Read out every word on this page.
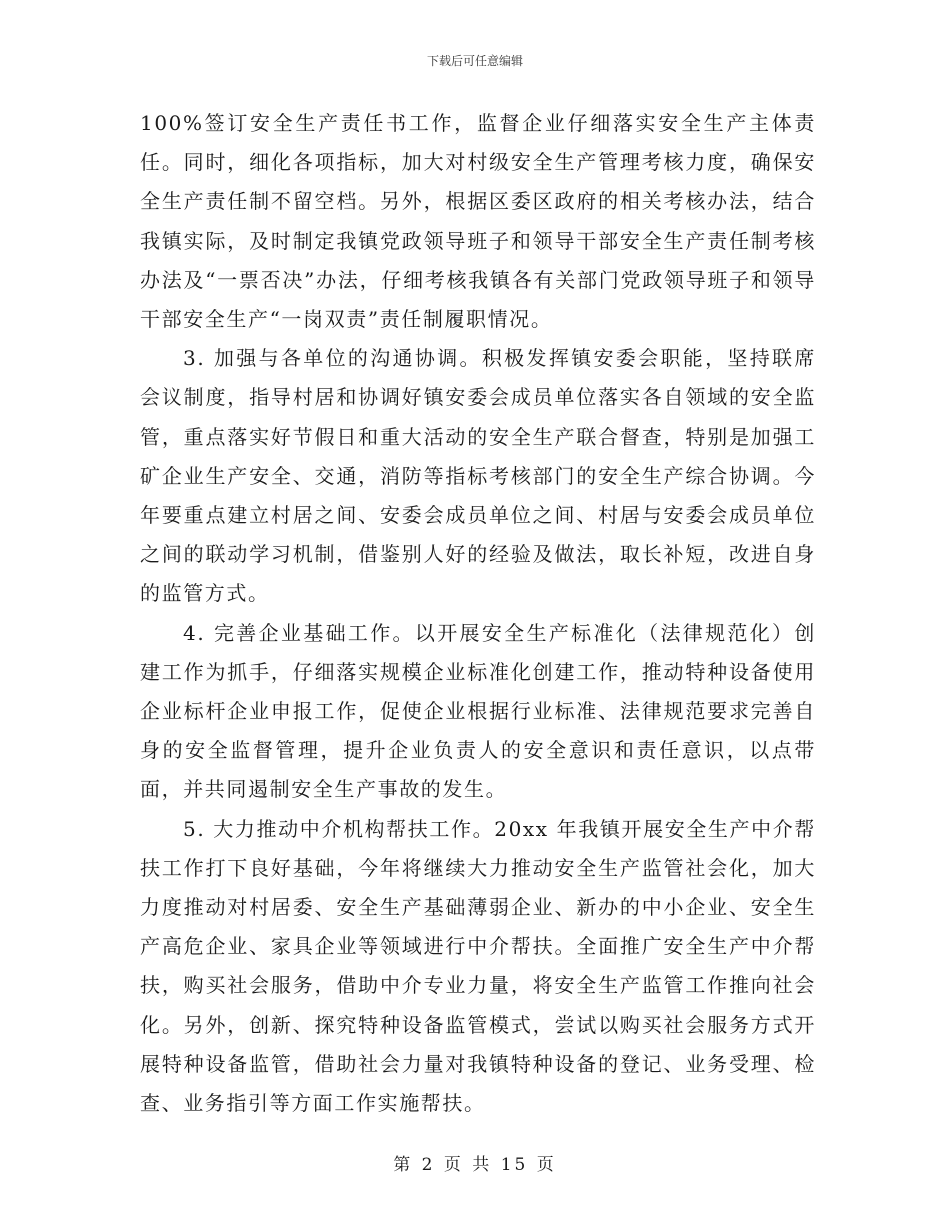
下载后可任意编辑

100%签订安全生产责任书工作，监督企业仔细落实安全生产主体责任。同时，细化各项指标，加大对村级安全生产管理考核力度，确保安全生产责任制不留空档。另外，根据区委区政府的相关考核办法，结合我镇实际，及时制定我镇党政领导班子和领导干部安全生产责任制考核办法及“一票否决”办法，仔细考核我镇各有关部门党政领导班子和领导干部安全生产“一岗双责”责任制履职情况。

3. 加强与各单位的沟通协调。积极发挥镇安委会职能，坚持联席会议制度，指导村居和协调好镇安委会成员单位落实各自领域的安全监管，重点落实好节假日和重大活动的安全生产联合督查，特别是加强工矿企业生产安全、交通，消防等指标考核部门的安全生产综合协调。今年要重点建立村居之间、安委会成员单位之间、村居与安委会成员单位之间的联动学习机制，借鉴别人好的经验及做法，取长补短，改进自身的监管方式。

4. 完善企业基础工作。以开展安全生产标准化（法律规范化）创建工作为抓手，仔细落实规模企业标准化创建工作，推动特种设备使用企业标杆企业申报工作，促使企业根据行业标准、法律规范要求完善自身的安全监督管理，提升企业负责人的安全意识和责任意识，以点带面，并共同遏制安全生产事故的发生。

5. 大力推动中介机构帮扶工作。20xx 年我镇开展安全生产中介帮扶工作打下良好基础，今年将继续大力推动安全生产监管社会化，加大力度推动对村居委、安全生产基础薄弱企业、新办的中小企业、安全生产高危企业、家具企业等领域进行中介帮扶。全面推广安全生产中介帮扶，购买社会服务，借助中介专业力量，将安全生产监管工作推向社会化。另外，创新、探究特种设备监管模式，尝试以购买社会服务方式开展特种设备监管，借助社会力量对我镇特种设备的登记、业务受理、检查、业务指引等方面工作实施帮扶。

第 2 页 共 15 页
